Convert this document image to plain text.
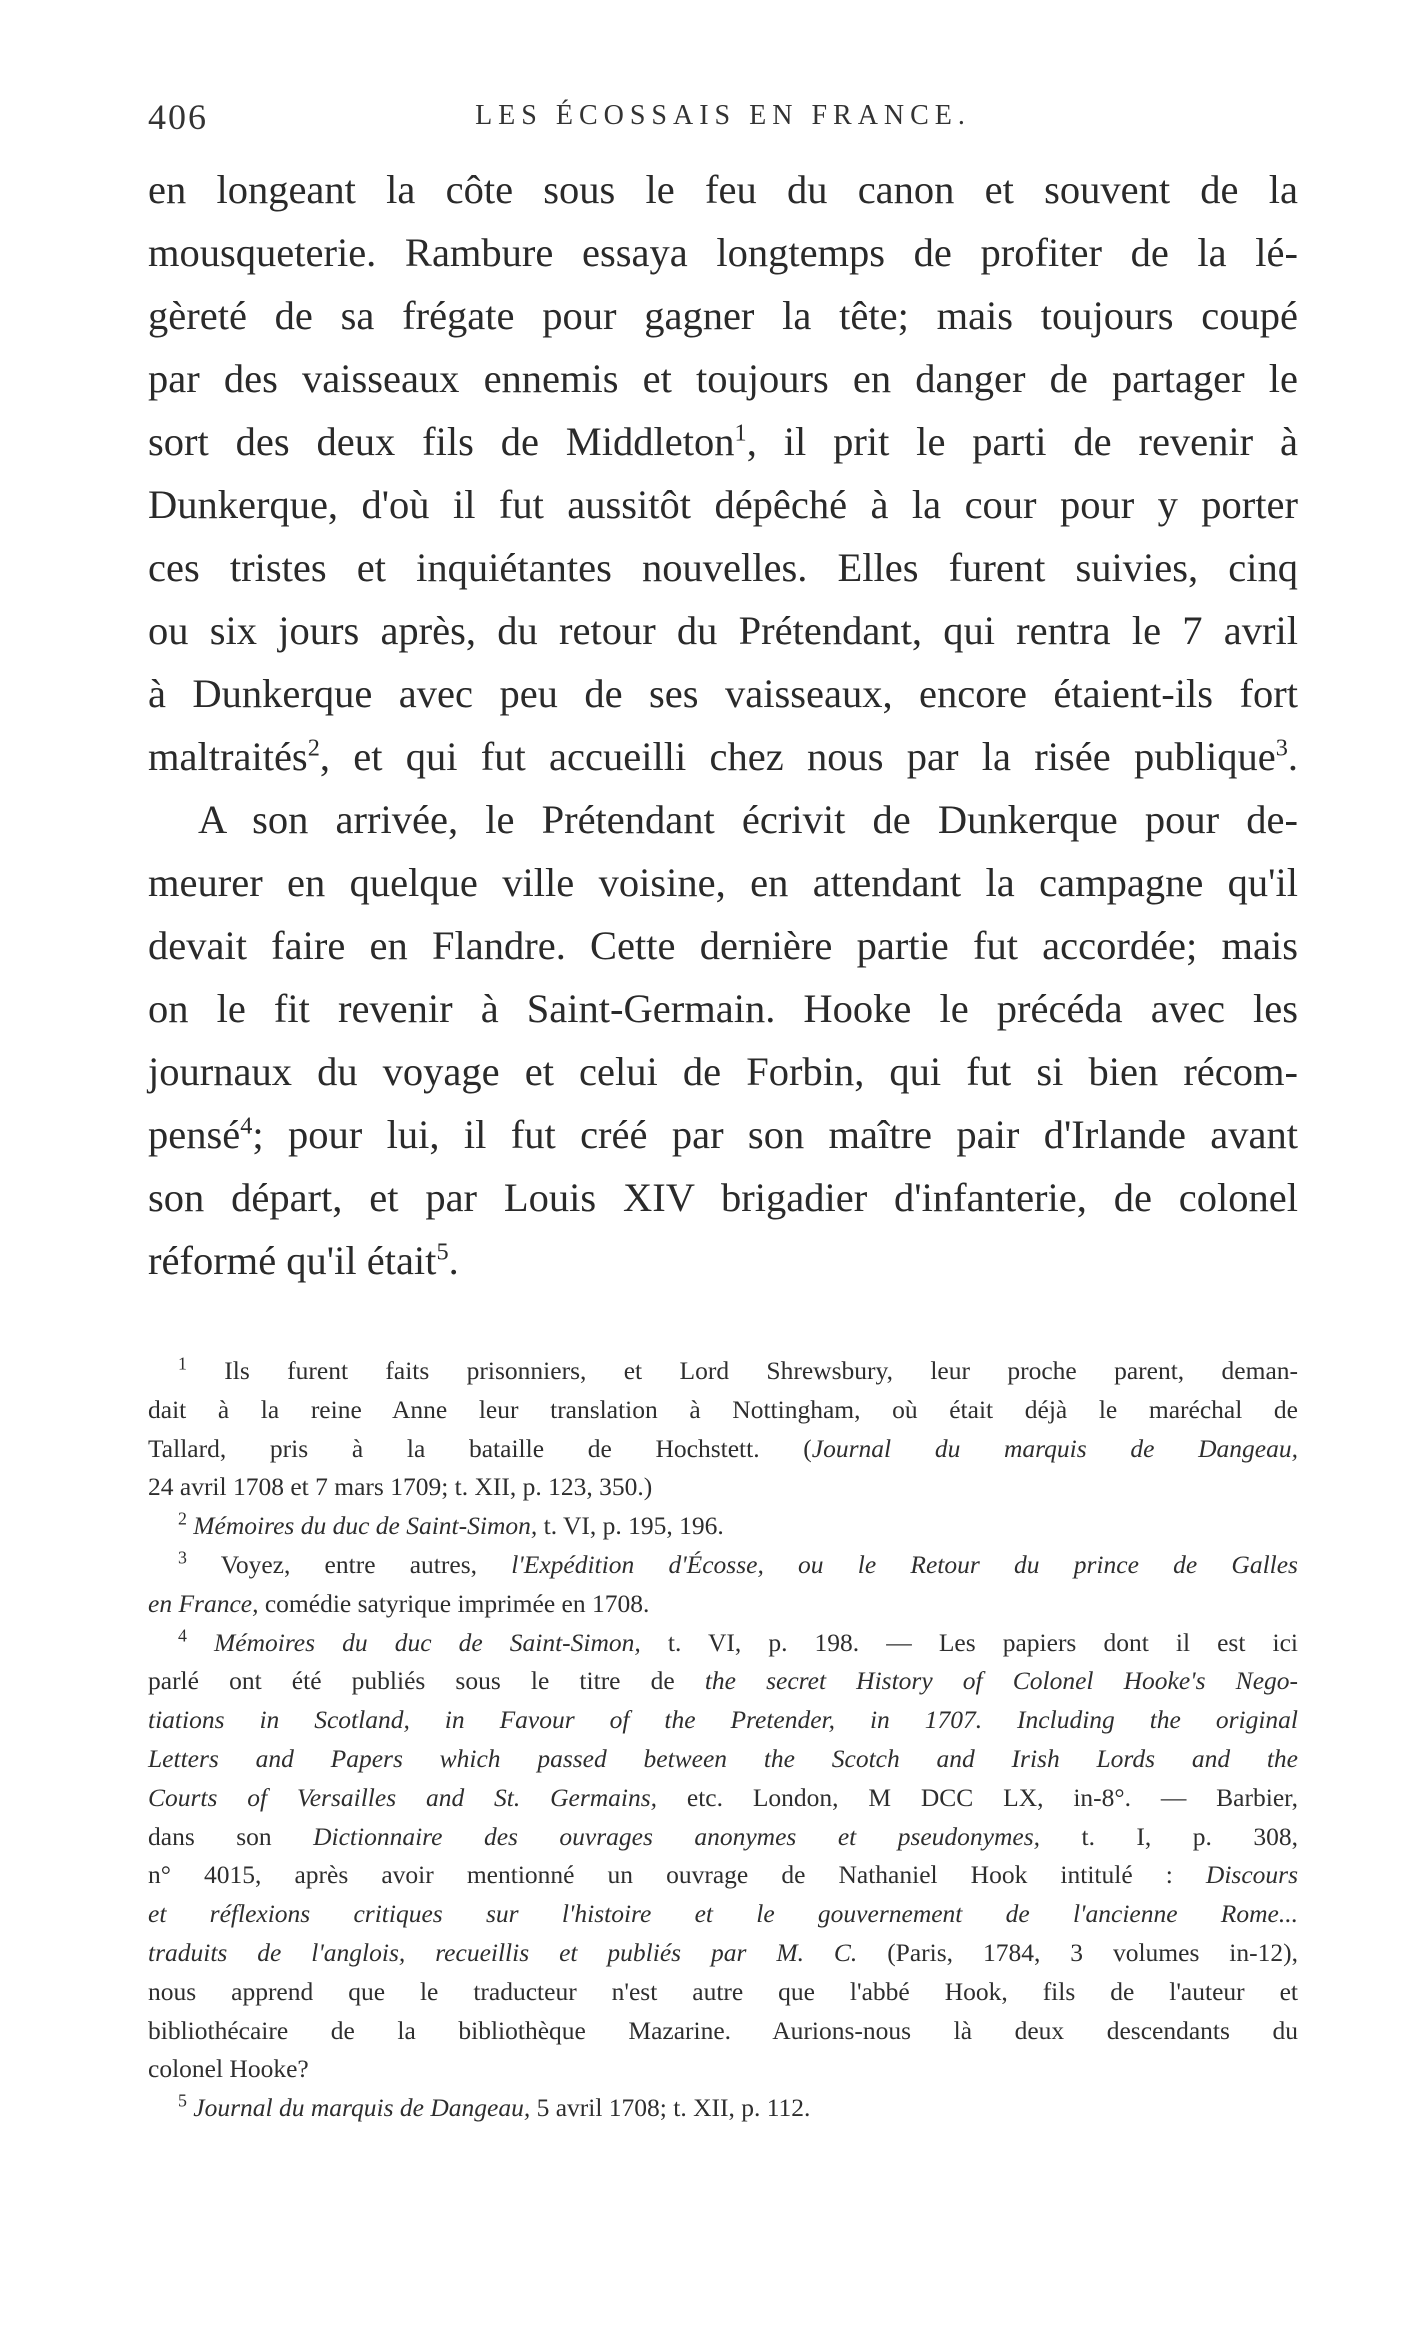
406	LES ÉCOSSAIS EN FRANCE.

en longeant la côte sous le feu du canon et souvent de la
mousqueterie. Rambure essaya longtemps de profiter de la lé-
gèreté de sa frégate pour gagner la tête; mais toujours coupé
par des vaisseaux ennemis et toujours en danger de partager le
sort des deux fils de Middleton$^1$, il prit le parti de revenir à
Dunkerque, d'où il fut aussitôt dépêché à la cour pour y porter
ces tristes et inquiétantes nouvelles. Elles furent suivies, cinq
ou six jours après, du retour du Prétendant, qui rentra le 7 avril
à Dunkerque avec peu de ses vaisseaux, encore étaient-ils fort
maltraités$^2$, et qui fut accueilli chez nous par la risée publique$^3$.

A son arrivée, le Prétendant écrivit de Dunkerque pour de-
meurer en quelque ville voisine, en attendant la campagne qu'il
devait faire en Flandre. Cette dernière partie fut accordée; mais
on le fit revenir à Saint-Germain. Hooke le précéda avec les
journaux du voyage et celui de Forbin, qui fut si bien récom-
pensé$^4$; pour lui, il fut créé par son maître pair d'Irlande avant
son départ, et par Louis XIV brigadier d'infanterie, de colonel
réformé qu'il était$^5$.

$^1$ Ils furent faits prisonniers, et Lord Shrewsbury, leur proche parent, deman-
dait à la reine Anne leur translation à Nottingham, où était déjà le maréchal de
Tallard, pris à la bataille de Hochstett. (Journal du marquis de Dangeau,
24 avril 1708 et 7 mars 1709; t. XII, p. 123, 350.)
$^2$ Mémoires du duc de Saint-Simon, t. VI, p. 195, 196.
$^3$ Voyez, entre autres, l'Expédition d'Écosse, ou le Retour du prince de Galles
en France, comédie satyrique imprimée en 1708.
$^4$ Mémoires du duc de Saint-Simon, t. VI, p. 198. — Les papiers dont il est ici
parlé ont été publiés sous le titre de the secret History of Colonel Hooke's Nego-
tiations in Scotland, in Favour of the Pretender, in 1707. Including the original
Letters and Papers which passed between the Scotch and Irish Lords and the
Courts of Versailles and St. Germains, etc. London, M DCC LX, in-8°. — Barbier,
dans son Dictionnaire des ouvrages anonymes et pseudonymes, t. I, p. 308,
n° 4015, après avoir mentionné un ouvrage de Nathaniel Hook intitulé : Discours
et réflexions critiques sur l'histoire et le gouvernement de l'ancienne Rome...
traduits de l'anglois, recueillis et publiés par M. C. (Paris, 1784, 3 volumes in-12),
nous apprend que le traducteur n'est autre que l'abbé Hook, fils de l'auteur et
bibliothécaire de la bibliothèque Mazarine. Aurions-nous là deux descendants du
colonel Hooke?
$^5$ Journal du marquis de Dangeau, 5 avril 1708; t. XII, p. 112.
